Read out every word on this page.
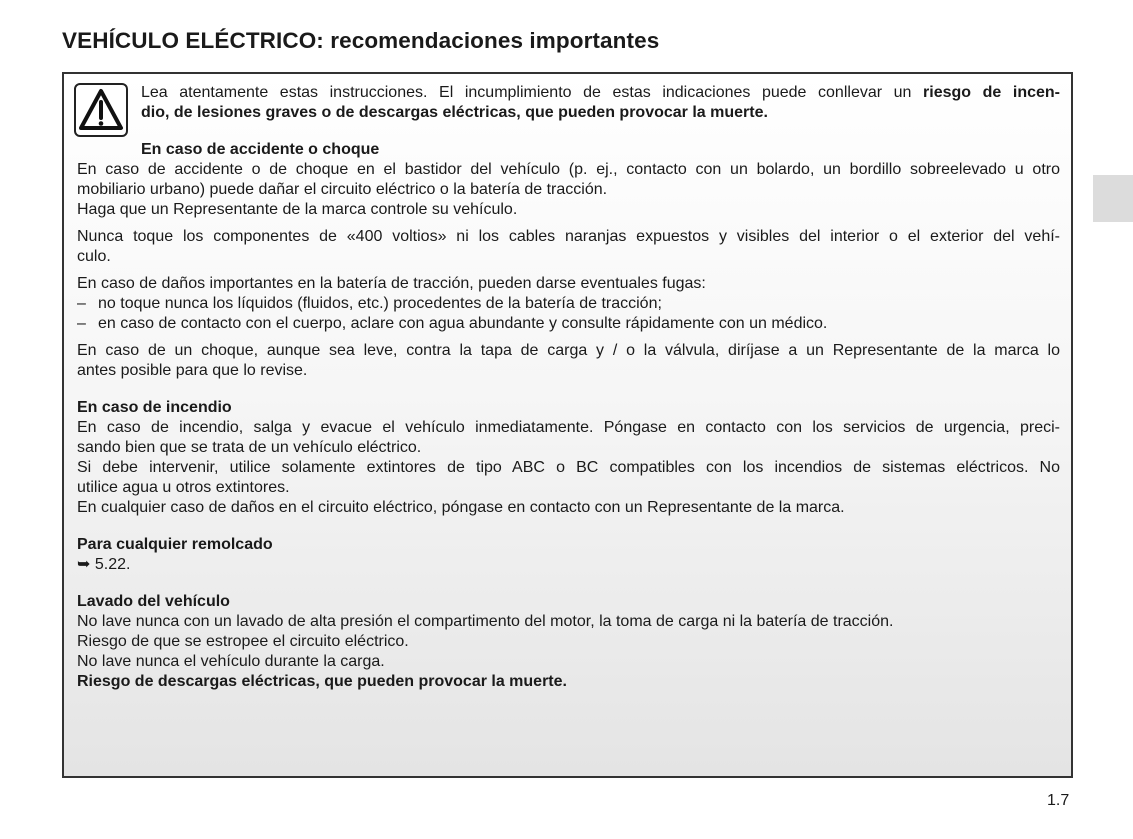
VEHÍCULO ELÉCTRICO: recomendaciones importantes
Lea atentamente estas instrucciones. El incumplimiento de estas indicaciones puede conllevar un riesgo de incen-
dio, de lesiones graves o de descargas eléctricas, que pueden provocar la muerte.
En caso de accidente o choque
En caso de accidente o de choque en el bastidor del vehículo (p. ej., contacto con un bolardo, un bordillo sobreelevado u otro
mobiliario urbano) puede dañar el circuito eléctrico o la batería de tracción.
Haga que un Representante de la marca controle su vehículo.
Nunca toque los componentes de «400 voltios» ni los cables naranjas expuestos y visibles del interior o el exterior del vehí-
culo.
En caso de daños importantes en la batería de tracción, pueden darse eventuales fugas:
– no toque nunca los líquidos (fluidos, etc.) procedentes de la batería de tracción;
– en caso de contacto con el cuerpo, aclare con agua abundante y consulte rápidamente con un médico.
En caso de un choque, aunque sea leve, contra la tapa de carga y / o la válvula, diríjase a un Representante de la marca lo
antes posible para que lo revise.
En caso de incendio
En caso de incendio, salga y evacue el vehículo inmediatamente. Póngase en contacto con los servicios de urgencia, preci-
sando bien que se trata de un vehículo eléctrico.
Si debe intervenir, utilice solamente extintores de tipo ABC o BC compatibles con los incendios de sistemas eléctricos. No
utilice agua u otros extintores.
En cualquier caso de daños en el circuito eléctrico, póngase en contacto con un Representante de la marca.
Para cualquier remolcado
➥ 5.22.
Lavado del vehículo
No lave nunca con un lavado de alta presión el compartimento del motor, la toma de carga ni la batería de tracción.
Riesgo de que se estropee el circuito eléctrico.
No lave nunca el vehículo durante la carga.
Riesgo de descargas eléctricas, que pueden provocar la muerte.
1.7
